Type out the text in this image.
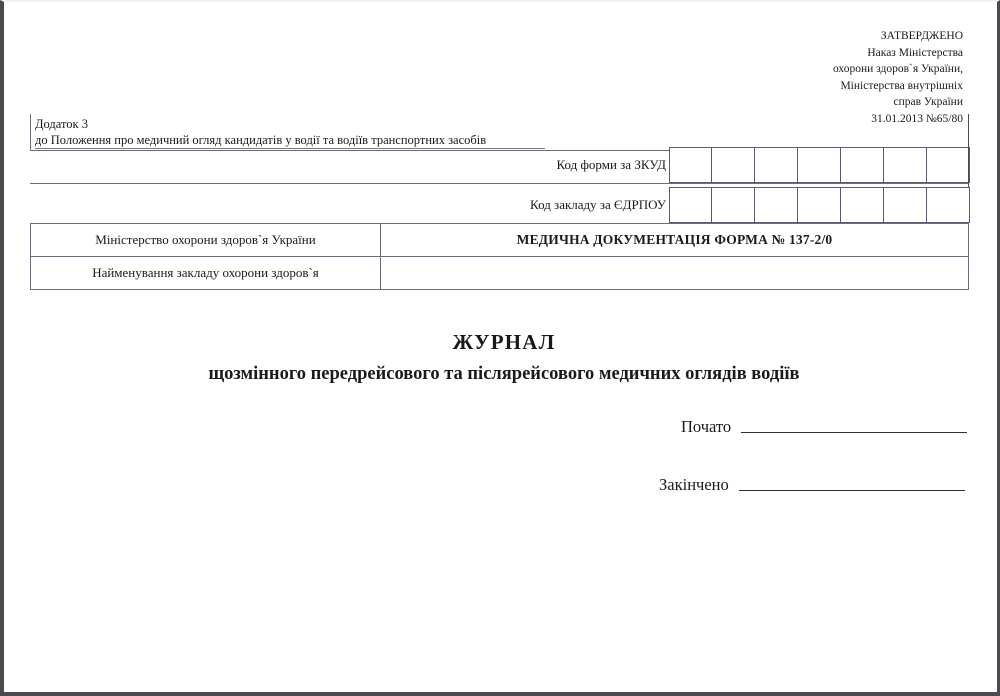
ЗАТВЕРДЖЕНО
Наказ Міністерства
охорони здоров`я України,
Міністерства внутрішніх
справ України
31.01.2013 №65/80
Додаток 3
до Положення про медичний огляд кандидатів у водії та водіїв транспортних засобів
Код форми за ЗКУД
Код закладу за ЄДРПОУ
Міністерство охорони здоров`я України	МЕДИЧНА ДОКУМЕНТАЦІЯ ФОРМА № 137-2/0
Найменування закладу охорони здоров`я	
ЖУРНАЛ
щозмінного передрейсового та післярейсового медичних оглядів водіїв
Почато
Закінчено
